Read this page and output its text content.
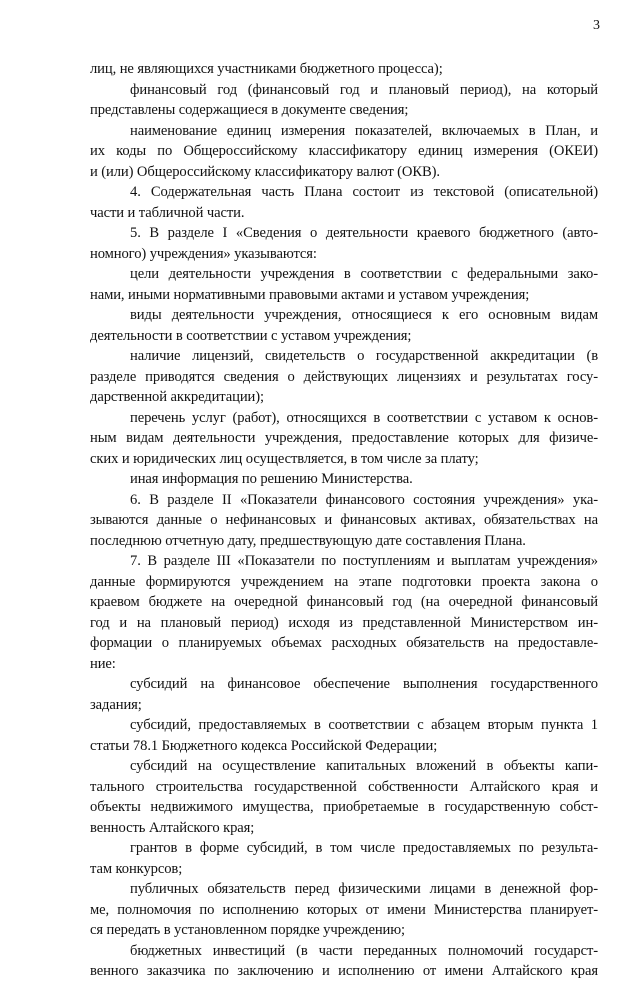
3
лиц, не являющихся участниками бюджетного процесса);
финансовый год (финансовый год и плановый период), на который
представлены содержащиеся в документе сведения;
наименование единиц измерения показателей, включаемых в План, и
их коды по Общероссийскому классификатору единиц измерения (ОКЕИ)
и (или) Общероссийскому классификатору валют (ОКВ).
4. Содержательная часть Плана состоит из текстовой (описательной)
части и табличной части.
5. В разделе I «Сведения о деятельности краевого бюджетного (авто-
номного) учреждения» указываются:
цели деятельности учреждения в соответствии с федеральными зако-
нами, иными нормативными правовыми актами и уставом учреждения;
виды деятельности учреждения, относящиеся к его основным видам
деятельности в соответствии с уставом учреждения;
наличие лицензий, свидетельств о государственной аккредитации (в
разделе приводятся сведения о действующих лицензиях и результатах госу-
дарственной аккредитации);
перечень услуг (работ), относящихся в соответствии с уставом к основ-
ным видам деятельности учреждения, предоставление которых для физиче-
ских и юридических лиц осуществляется, в том числе за плату;
иная информация по решению Министерства.
6. В разделе II «Показатели финансового состояния учреждения» ука-
зываются данные о нефинансовых и финансовых активах, обязательствах на
последнюю отчетную дату, предшествующую дате составления Плана.
7. В разделе III «Показатели по поступлениям и выплатам учреждения»
данные формируются учреждением на этапе подготовки проекта закона о
краевом бюджете на очередной финансовый год (на очередной финансовый
год и на плановый период) исходя из представленной Министерством ин-
формации о планируемых объемах расходных обязательств на предоставле-
ние:
субсидий на финансовое обеспечение выполнения государственного
задания;
субсидий, предоставляемых в соответствии с абзацем вторым пункта 1
статьи 78.1 Бюджетного кодекса Российской Федерации;
субсидий на осуществление капитальных вложений в объекты капи-
тального строительства государственной собственности Алтайского края и
объекты недвижимого имущества, приобретаемые в государственную собст-
венность Алтайского края;
грантов в форме субсидий, в том числе предоставляемых по результа-
там конкурсов;
публичных обязательств перед физическими лицами в денежной фор-
ме, полномочия по исполнению которых от имени Министерства планирует-
ся передать в установленном порядке учреждению;
бюджетных инвестиций (в части переданных полномочий государст-
венного заказчика по заключению и исполнению от имени Алтайского края
